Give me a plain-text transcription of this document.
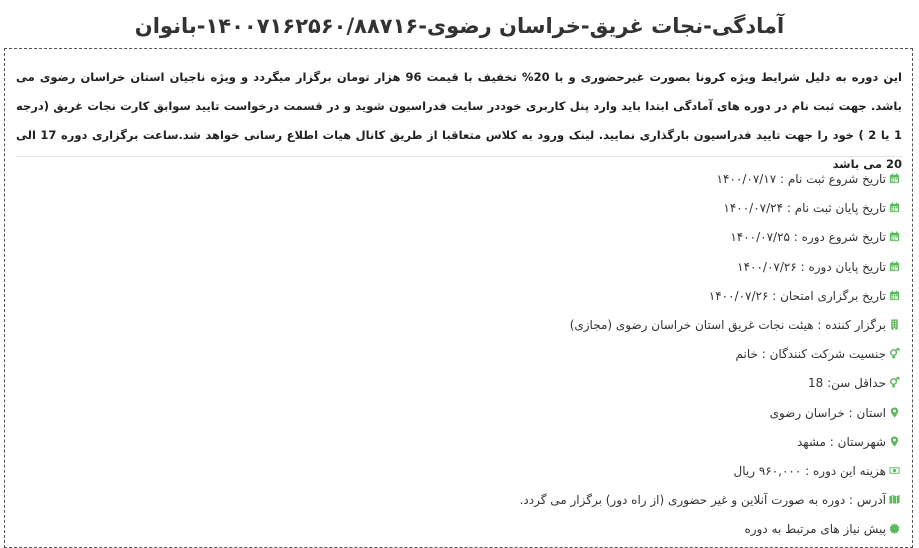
آمادگی-نجات غریق-خراسان رضوی-۱۴۰۰۷۱۶۲۵۶۰/۸۸۷۱۶-بانوان
این دوره به دلیل شرایط ویژه کرونا بصورت غیرحضوری و با 20% تخفیف با قیمت 96 هزار تومان برگزار میگردد و ویژه ناجیان استان خراسان رضوی می باشد. جهت ثبت نام در دوره های آمادگی ابتدا باید وارد پنل کاربری خوددر سایت فدراسیون شوید و در قسمت درخواست تایید سوابق کارت نجات غریق (درجه 1 یا 2 ) خود را جهت تایید فدراسیون بارگذاری نمایید. لینک ورود به کلاس متعاقبا از طریق کانال هیات اطلاع رسانی خواهد شد.ساعت برگزاری دوره 17 الی 20 می باشد
تاریخ شروع ثبت نام : ۱۴۰۰/۰۷/۱۷
تاریخ پایان ثبت نام : ۱۴۰۰/۰۷/۲۴
تاریخ شروع دوره : ۱۴۰۰/۰۷/۲۵
تاریخ پایان دوره : ۱۴۰۰/۰۷/۲۶
تاریخ برگزاری امتحان : ۱۴۰۰/۰۷/۲۶
برگزار کننده : هیئت نجات غریق استان خراسان رضوی (مجازی)
جنسیت شرکت کنندگان : خانم
حداقل سن: 18
استان : خراسان رضوی
شهرستان : مشهد
هزینه این دوره : ۹۶۰,۰۰۰ ریال
آدرس : دوره به صورت آنلاین و غیر حضوری (از راه دور) برگزار می گردد.
پیش نیاز های مرتبط به دوره
